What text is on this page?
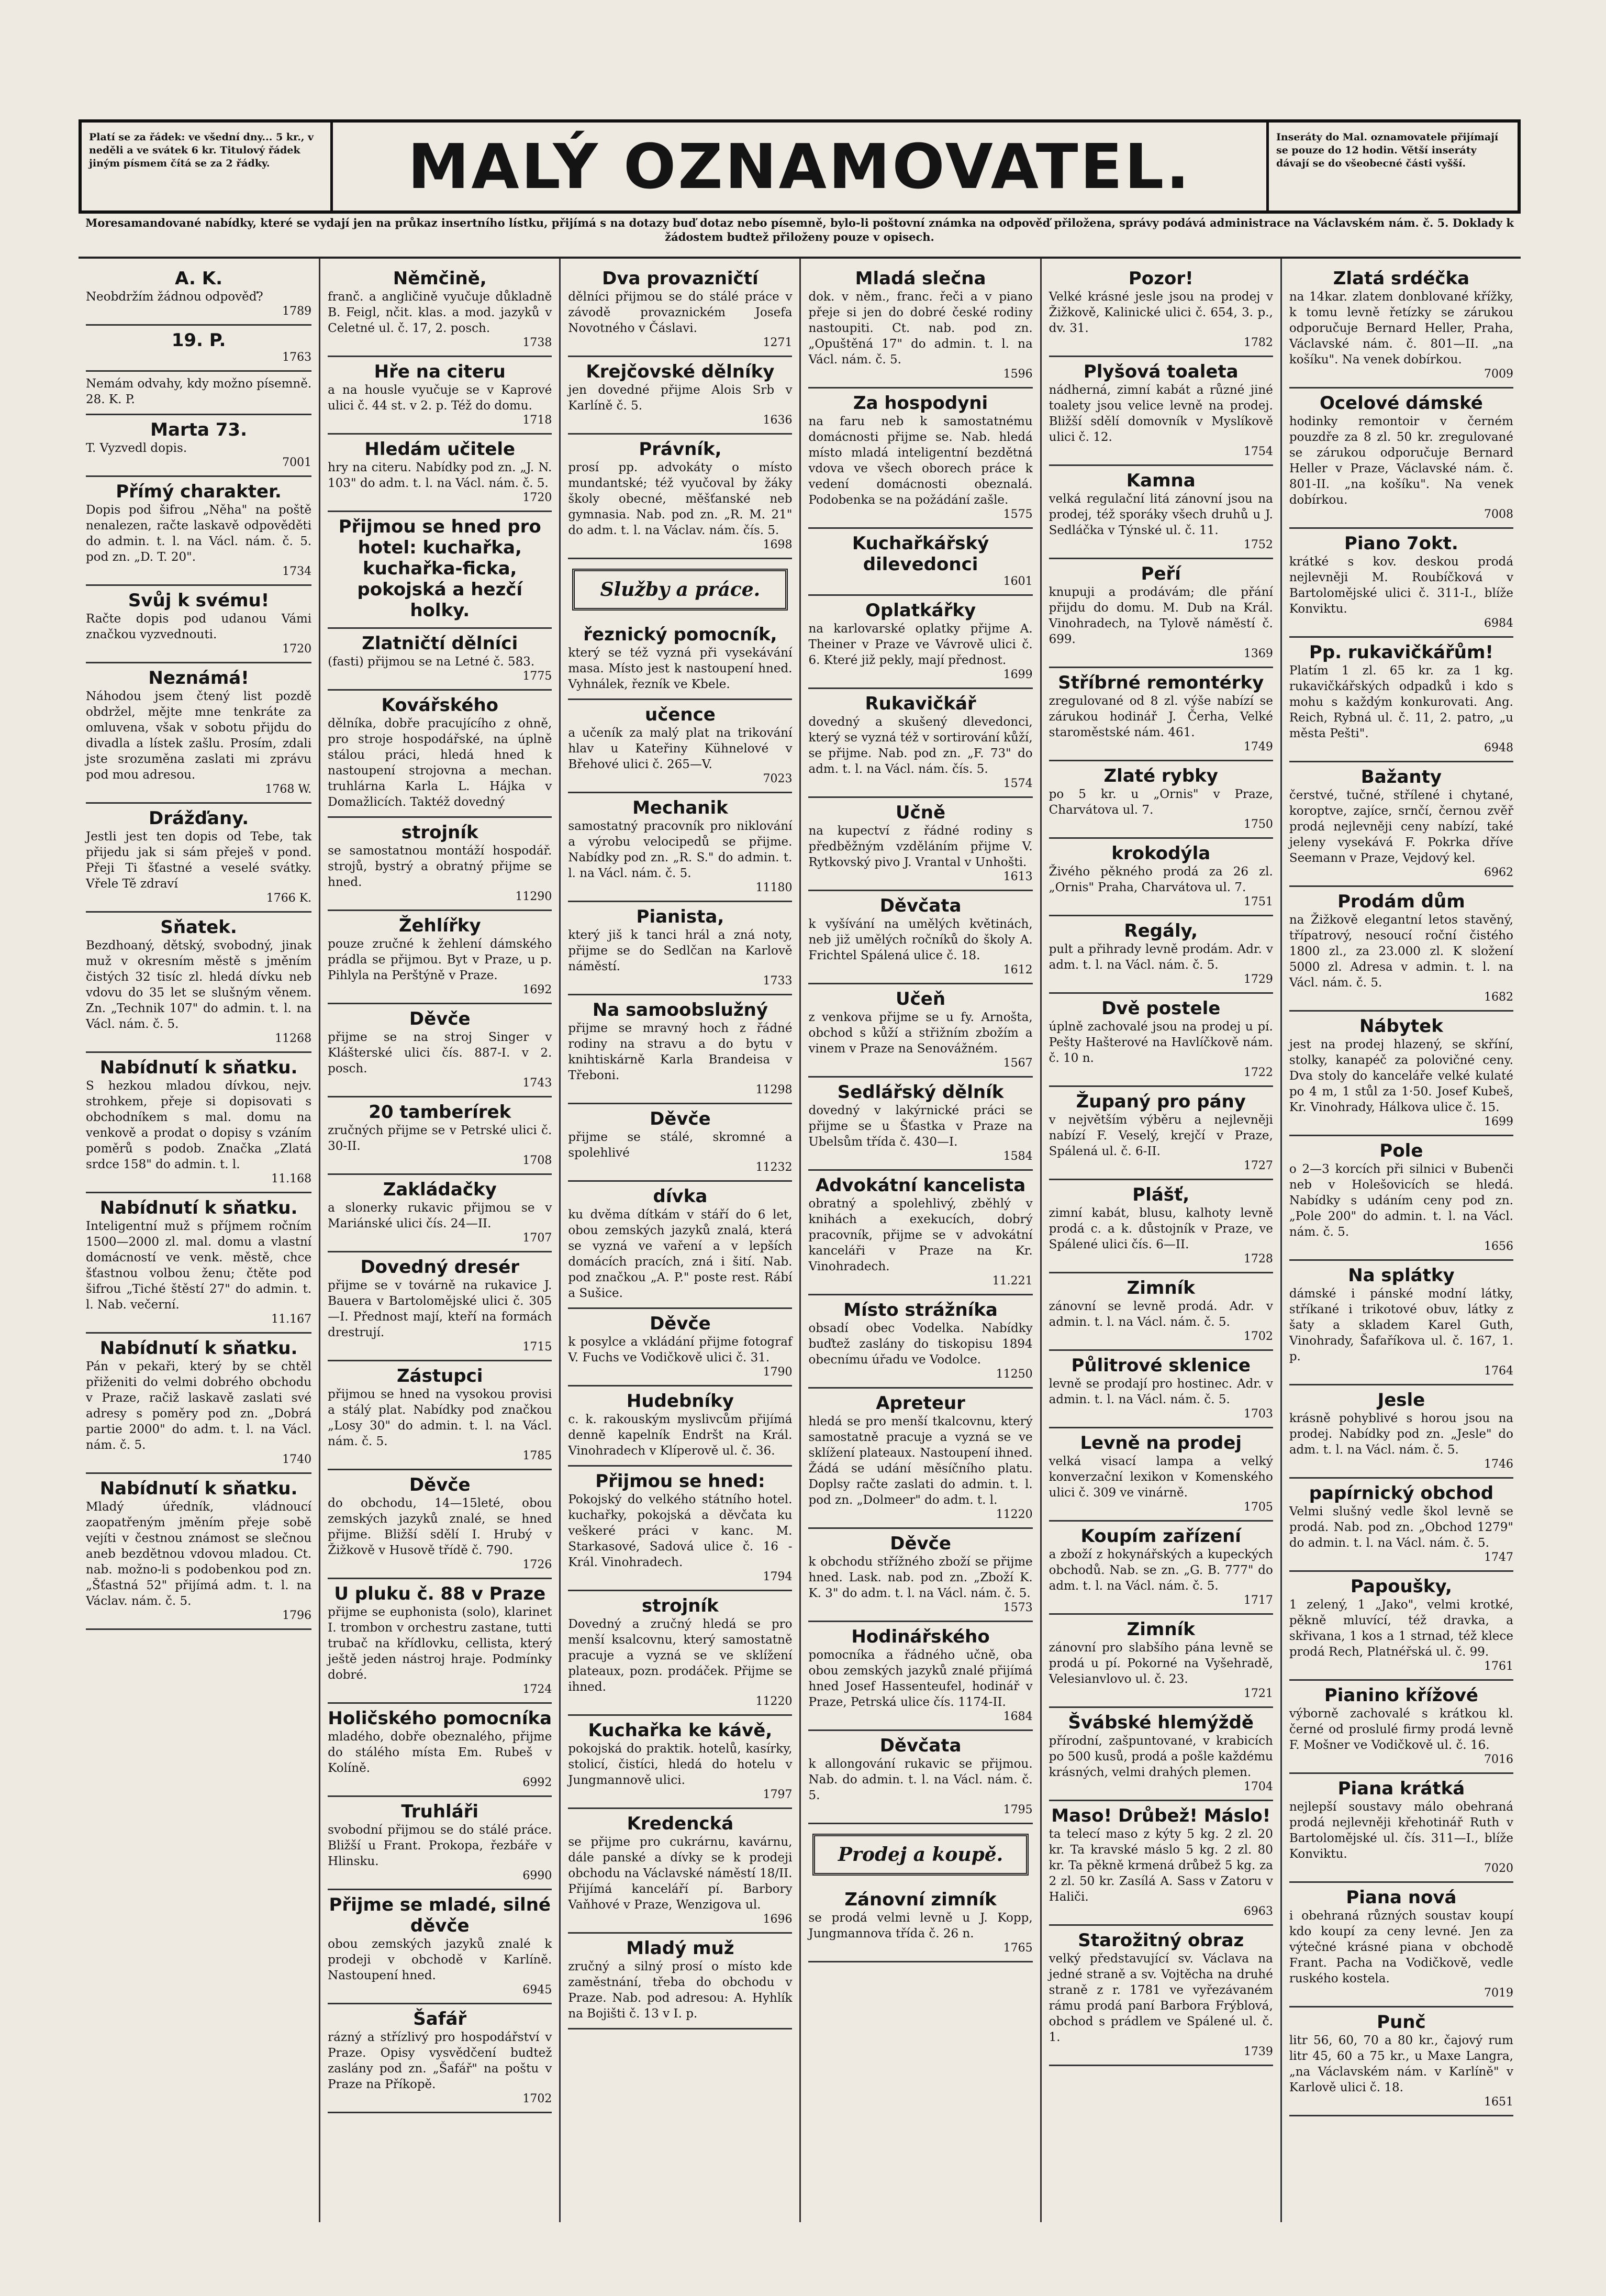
Platí se za řádek: ve všední dny... 5 kr., v neděli a ve svátek 6 kr. Titulový řádek jiným písmem čítá se za 2 řádky.	MALÝ OZNAMOVATEL.	Inseráty do Mal. oznamovatele přijímají se pouze do 12 hodin. Větší inseráty dávají se do všeobecné části vyšší.
Moresamandované nabídky, které se vydají jen na průkaz insertního lístku, přijímá s na dotazy buď dotaz nebo písemně, bylo-li poštovní známka na odpověď přiložena, správy podává administrace na Václavském nám. č. 5. Doklady k žádostem budtež přiloženy pouze v opisech.
A. K.
Neobdržím žádnou odpověď?
1789
19. P.
1763
Nemám odvahy, kdy možno písemně. 28. K. P.
Marta 73.
T. Vyzvedl dopis.
7001
Přímý charakter.
Dopis pod šifrou „Něha" na poště nenalezen, račte laskavě odpověděti do admin. t. l. na Václ. nám. č. 5. pod zn. „D. T. 20".
1734
Svůj k svému!
Račte dopis pod udanou Vámi značkou vyzvednouti.
1720
Neznámá!
Náhodou jsem čtený list pozdě obdržel, mějte mne tenkráte za omluvena, však v sobotu přijdu do divadla a lístek zašlu. Prosím, zdali jste srozuměna zaslati mi zprávu pod mou adresou.
1768 W.
Drážďany.
Jestli jest ten dopis od Tebe, tak přijedu jak si sám přeješ v pond. Přeji Ti šťastné a veselé svátky. Vřele Tě zdraví
1766 K.
Sňatek.
Bezdhoaný, dětský, svobodný, jinak muž v okresním městě s jměním čistých 32 tisíc zl. hledá dívku neb vdovu do 35 let se slušným věnem. Zn. „Technik 107" do admin. t. l. na Václ. nám. č. 5.
11268
Nabídnutí k sňatku.
S hezkou mladou dívkou, nejv. strohkem, přeje si dopisovati s obchodníkem s mal. domu na venkově a prodat o dopisy s vzáním poměrů s podob. Značka „Zlatá srdce 158" do admin. t. l.
11.168
Nabídnutí k sňatku.
Inteligentní muž s příjmem ročním 1500—2000 zl. mal. domu a vlastní domácností ve venk. městě, chce šťastnou volbou ženu; čtěte pod šifrou „Tiché štěstí 27" do admin. t. l. Nab. večerní.
11.167
Nabídnutí k sňatku.
Pán v pekaři, který by se chtěl přiženiti do velmi dobrého obchodu v Praze, račiž laskavě zaslati své adresy s poměry pod zn. „Dobrá partie 2000" do adm. t. l. na Václ. nám. č. 5.
1740
Nabídnutí k sňatku.
Mladý úředník, vládnoucí zaopatřeným jměním přeje sobě vejíti v čestnou známost se slečnou aneb bezdětnou vdovou mladou. Ct. nab. možno-li s podobenkou pod zn. „Šťastná 52" přijímá adm. t. l. na Václav. nám. č. 5.
1796
Němčině,
franč. a angličině vyučuje důkladně B. Feigl, nčit. klas. a mod. jazyků v Celetné ul. č. 17, 2. posch.
1738
Hře na citeru
a na housle vyučuje se v Kaprové ulici č. 44 st. v 2. p. Též do domu.
1718
Hledám učitele
hry na citeru. Nabídky pod zn. „J. N. 103" do adm. t. l. na Václ. nám. č. 5.
1720
Přijmou se hned pro hotel: kuchařka, kuchařka-ficka, pokojská a hezčí holky.
Zlatničtí dělníci
(fasti) přijmou se na Letné č. 583.
1775
Kovářského
dělníka, dobře pracujícího z ohně, pro stroje hospodářské, na úplně stálou práci, hledá hned k nastoupení strojovna a mechan. truhlárna Karla L. Hájka v Domažlicích. Taktéž dovedný
strojník
se samostatnou montáží hospodář. strojů, bystrý a obratný přijme se hned.
11290
Žehlířky
pouze zručné k žehlení dámského prádla se přijmou. Byt v Praze, u p. Pihlyla na Perštýně v Praze.
1692
Děvče
přijme se na stroj Singer v Klášterské ulici čís. 887-I. v 2. posch.
1743
20 tamberírek
zručných přijme se v Petrské ulici č. 30-II.
1708
Zakládačky
a slonerky rukavic přijmou se v Mariánské ulici čís. 24—II.
1707
Dovedný dresér
přijme se v továrně na rukavice J. Bauera v Bartolomějské ulici č. 305—I. Přednost mají, kteří na formách drestrují.
1715
Zástupci
přijmou se hned na vysokou provisi a stálý plat. Nabídky pod značkou „Losy 30" do admin. t. l. na Václ. nám. č. 5.
1785
Děvče
do obchodu, 14—15leté, obou zemských jazyků znalé, se hned přijme. Bližší sdělí I. Hrubý v Žižkově v Husově třídě č. 790.
1726
U pluku č. 88 v Praze
přijme se euphonista (solo), klarinet I. trombon v orchestru zastane, tutti trubač na křídlovku, cellista, který ještě jeden nástroj hraje. Podmínky dobré.
1724
Holičského pomocníka
mladého, dobře obeznalého, přijme do stálého místa Em. Rubeš v Kolíně.
6992
Truhláři
svobodní přijmou se do stálé práce. Bližší u Frant. Prokopa, řezbáře v Hlinsku.
6990
Přijme se mladé, silné děvče
obou zemských jazyků znalé k prodeji v obchodě v Karlíně. Nastoupení hned.
6945
Šafář
rázný a střízlivý pro hospodářství v Praze. Opisy vysvědčení budtež zaslány pod zn. „Šafář" na poštu v Praze na Příkopě.
1702
Dva provazničtí
dělníci přijmou se do stálé práce v závodě provaznickém Josefa Novotného v Čáslavi.
1271
Krejčovské dělníky
jen dovedné přijme Alois Srb v Karlíně č. 5.
1636
Právník,
prosí pp. advokáty o místo mundantské; též vyučoval by žáky školy obecné, měšťanské neb gymnasia. Nab. pod zn. „R. M. 21" do adm. t. l. na Václav. nám. čís. 5.
1698
Služby a práce.
řeznický pomocník,
který se též vyzná při vysekávání masa. Místo jest k nastoupení hned. Vyhnálek, řezník ve Kbele.
učence
a učeník za malý plat na trikování hlav u Kateřiny Kühnelové v Břehové ulici č. 265—V.
7023
Mechanik
samostatný pracovník pro niklování a výrobu velocipedů se přijme. Nabídky pod zn. „R. S." do admin. t. l. na Václ. nám. č. 5.
11180
Pianista,
který jiš k tanci hrál a zná noty, přijme se do Sedlčan na Karlově náměstí.
1733
Na samoobslužný
přijme se mravný hoch z řádné rodiny na stravu a do bytu v knihtiskárně Karla Brandeisa v Třeboni.
11298
Děvče
přijme se stálé, skromné a spolehlivé
11232
dívka
ku dvěma dítkám v stáří do 6 let, obou zemských jazyků znalá, která se vyzná ve vaření a v lepších domácích pracích, zná i šití. Nab. pod značkou „A. P." poste rest. Rábí a Sušice.
Děvče
k posylce a vkládání přijme fotograf V. Fuchs ve Vodičkově ulici č. 31.
1790
Hudebníky
c. k. rakouským myslivcům přijímá denně kapelník Endršt na Král. Vinohradech v Klíperově ul. č. 36.
Přijmou se hned:
Pokojský do velkého státního hotel. kuchařky, pokojská a děvčata ku veškeré práci v kanc. M. Starkasové, Sadová ulice č. 16 - Král. Vinohradech.
1794
strojník
Dovedný a zručný hledá se pro menší ksalcovnu, který samostatně pracuje a vyzná se ve sklížení plateaux, pozn. prodáček. Přijme se ihned.
11220
Kuchařka ke kávě,
pokojská do praktik. hotelů, kasírky, stolicí, čistíci, hledá do hotelu v Jungmannově ulici.
1797
Kredencká
se přijme pro cukrárnu, kavárnu, dále panské a dívky se k prodeji obchodu na Václavské náměstí 18/II. Přijímá kanceláří pí. Barbory Vaňhové v Praze, Wenzigova ul.
1696
Mladý muž
zručný a silný prosí o místo kde zaměstnání, třeba do obchodu v Praze. Nab. pod adresou: A. Hyhlík na Bojišti č. 13 v I. p.
Mladá slečna
dok. v něm., franc. řeči a v piano přeje si jen do dobré české rodiny nastoupiti. Ct. nab. pod zn. „Opuštěná 17" do admin. t. l. na Václ. nám. č. 5.
1596
Za hospodyni
na faru neb k samostatnému domácnosti přijme se. Nab. hledá místo mladá inteligentní bezdětná vdova ve všech oborech práce k vedení domácnosti obeznalá. Podobenka se na požádání zašle.
1575
Kuchařkářský dilevedonci
1601
Oplatkářky
na karlovarské oplatky přijme A. Theiner v Praze ve Vávrově ulici č. 6. Které již pekly, mají přednost.
1699
Rukavičkář
dovedný a skušený dlevedonci, který se vyzná též v sortirování kůží, se přijme. Nab. pod zn. „F. 73" do adm. t. l. na Václ. nám. čís. 5.
1574
Učně
na kupectví z řádné rodiny s předběžným vzděláním přijme V. Rytkovský pivo J. Vrantal v Unhošti.
1613
Děvčata
k vyšívání na umělých květinách, neb již umělých ročníků do školy A. Frichtel Spálená ulice č. 18.
1612
Učeň
z venkova přijme se u fy. Arnošta, obchod s kůží a střižním zbožím a vinem v Praze na Senovážném.
1567
Sedlářský dělník
dovedný v lakýrnické práci se přijme se u Šťastka v Praze na Ubelsům třída č. 430—I.
1584
Advokátní kancelista
obratný a spolehlivý, zběhlý v knihách a exekucích, dobrý pracovník, přijme se v advokátní kanceláři v Praze na Kr. Vinohradech.
11.221
Místo strážníka
obsadí obec Vodelka. Nabídky buďtež zaslány do tiskopisu 1894 obecnímu úřadu ve Vodolce.
11250
Apreteur
hledá se pro menší tkalcovnu, který samostatně pracuje a vyzná se ve sklížení plateaux. Nastoupení ihned. Žádá se udání měsíčního platu. Doplsy račte zaslati do admin. t. l. pod zn. „Dolmeer" do adm. t. l.
11220
Děvče
k obchodu střížného zboží se přijme hned. Lask. nab. pod zn. „Zboží K. K. 3" do adm. t. l. na Václ. nám. č. 5.
1573
Hodinářského
pomocníka a řádného učně, oba obou zemských jazyků znalé přijímá hned Josef Hassenteufel, hodinář v Praze, Petrská ulice čís. 1174-II.
1684
Děvčata
k allongování rukavic se přijmou. Nab. do admin. t. l. na Václ. nám. č. 5.
1795
Prodej a koupě.
Zánovní zimník
se prodá velmi levně u J. Kopp, Jungmannova třída č. 26 n.
1765
Pozor!
Velké krásné jesle jsou na prodej v Žižkově, Kalinické ulici č. 654, 3. p., dv. 31.
1782
Plyšová toaleta
nádherná, zimní kabát a různé jiné toalety jsou velice levně na prodej. Bližší sdělí domovník v Myslíkově ulici č. 12.
1754
Kamna
velká regulační litá zánovní jsou na prodej, též sporáky všech druhů u J. Sedláčka v Týnské ul. č. 11.
1752
Peří
knupuji a prodávám; dle přání přijdu do domu. M. Dub na Král. Vinohradech, na Tylově náměstí č. 699.
1369
Stříbrné remontérky
zregulované od 8 zl. výše nabízí se zárukou hodinář J. Čerha, Velké staroměstské nám. 461.
1749
Zlaté rybky
po 5 kr. u „Ornis" v Praze, Charvátova ul. 7.
1750
krokodýla
Živého pěkného prodá za 26 zl. „Ornis" Praha, Charvátova ul. 7.
1751
Regály,
pult a přihrady levně prodám. Adr. v adm. t. l. na Václ. nám. č. 5.
1729
Dvě postele
úplně zachovalé jsou na prodej u pí. Pešty Hašterové na Havlíčkově nám. č. 10 n.
1722
Županý pro pány
v největším výběru a nejlevněji nabízí F. Veselý, krejčí v Praze, Spálená ul. č. 6-II.
1727
Plášť,
zimní kabát, blusu, kalhoty levně prodá c. a k. důstojník v Praze, ve Spálené ulici čís. 6—II.
1728
Zimník
zánovní se levně prodá. Adr. v admin. t. l. na Václ. nám. č. 5.
1702
Půlitrové sklenice
levně se prodají pro hostinec. Adr. v admin. t. l. na Václ. nám. č. 5.
1703
Levně na prodej
velká visací lampa a velký konverzační lexikon v Komenského ulici č. 309 ve vinárně.
1705
Koupím zařízení
a zboží z hokynářských a kupeckých obchodů. Nab. se zn. „G. B. 777" do adm. t. l. na Václ. nám. č. 5.
1717
Zimník
zánovní pro slabšího pána levně se prodá u pí. Pokorné na Vyšehradě, Velesianvlovo ul. č. 23.
1721
Švábské hlemýždě
přírodní, zašpuntované, v krabicích po 500 kusů, prodá a pošle každému krásných, velmi drahých plemen.
1704
Maso! Drůbež! Máslo!
ta telecí maso z kýty 5 kg. 2 zl. 20 kr. Ta kravské máslo 5 kg. 2 zl. 80 kr. Ta pěkně krmená drůbež 5 kg. za 2 zl. 50 kr. Zasílá A. Sass v Zatoru v Haliči.
6963
Starožitný obraz
velký představující sv. Václava na jedné straně a sv. Vojtěcha na druhé straně z r. 1781 ve vyřezávaném rámu prodá paní Barbora Frýblová, obchod s prádlem ve Spálené ul. č. 1.
1739
Zlatá srdéčka
na 14kar. zlatem donblované křížky, k tomu levně řetízky se zárukou odporučuje Bernard Heller, Praha, Václavské nám. č. 801—II. „na košíku". Na venek dobírkou.
7009
Ocelové dámské
hodinky remontoir v černém pouzdře za 8 zl. 50 kr. zregulované se zárukou odporučuje Bernard Heller v Praze, Václavské nám. č. 801-II. „na košíku". Na venek dobírkou.
7008
Piano 7okt.
krátké s kov. deskou prodá nejlevněji M. Roubíčková v Bartolomějské ulici č. 311-I., blíže Konviktu.
6984
Pp. rukavičkářům!
Platím 1 zl. 65 kr. za 1 kg. rukavičkářských odpadků i kdo s mohu s každým konkurovati. Ang. Reich, Rybná ul. č. 11, 2. patro, „u města Pešti".
6948
Bažanty
čerstvé, tučné, střílené i chytané, koroptve, zajíce, srnčí, černou zvěř prodá nejlevněji ceny nabízí, také jeleny vysekává F. Pokrka dříve Seemann v Praze, Vejdový kel.
6962
Prodám dům
na Žižkově elegantní letos stavěný, třípatrový, nesoucí roční čistého 1800 zl., za 23.000 zl. K složení 5000 zl. Adresa v admin. t. l. na Václ. nám. č. 5.
1682
Nábytek
jest na prodej hlazený, se skříní, stolky, kanapéč za polovičné ceny. Dva stoly do kanceláře velké kulaté po 4 m, 1 stůl za 1·50. Josef Kubeš, Kr. Vinohrady, Hálkova ulice č. 15.
1699
Pole
o 2—3 korcích při silnici v Bubenči neb v Holešovicích se hledá. Nabídky s udáním ceny pod zn. „Pole 200" do admin. t. l. na Václ. nám. č. 5.
1656
Na splátky
dámské i pánské modní látky, stříkané i trikotové obuv, látky z šaty a skladem Karel Guth, Vinohrady, Šafaříkova ul. č. 167, 1. p.
1764
Jesle
krásně pohyblivé s horou jsou na prodej. Nabídky pod zn. „Jesle" do adm. t. l. na Václ. nám. č. 5.
1746
papírnický obchod
Velmi slušný vedle škol levně se prodá. Nab. pod zn. „Obchod 1279" do admin. t. l. na Václ. nám. č. 5.
1747
Papoušky,
1 zelený, 1 „Jako", velmi krotké, pěkně mluvící, též dravka, a skřivana, 1 kos a 1 strnad, též klece prodá Rech, Platnéřská ul. č. 99.
1761
Pianino křížové
výborně zachovalé s krátkou kl. černé od proslulé firmy prodá levně F. Mošner ve Vodičkově ul. č. 16.
7016
Piana krátká
nejlepší soustavy málo obehraná prodá nejlevněji křehotinář Ruth v Bartolomějské ul. čís. 311—I., blíže Konviktu.
7020
Piana nová
i obehraná různých soustav koupí kdo koupí za ceny levné. Jen za výtečné krásné piana v obchodě Frant. Pacha na Vodičkově, vedle ruského kostela.
7019
Punč
litr 56, 60, 70 a 80 kr., čajový rum litr 45, 60 a 75 kr., u Maxe Langra, „na Václavském nám. v Karlíně" v Karlově ulici č. 18.
1651
